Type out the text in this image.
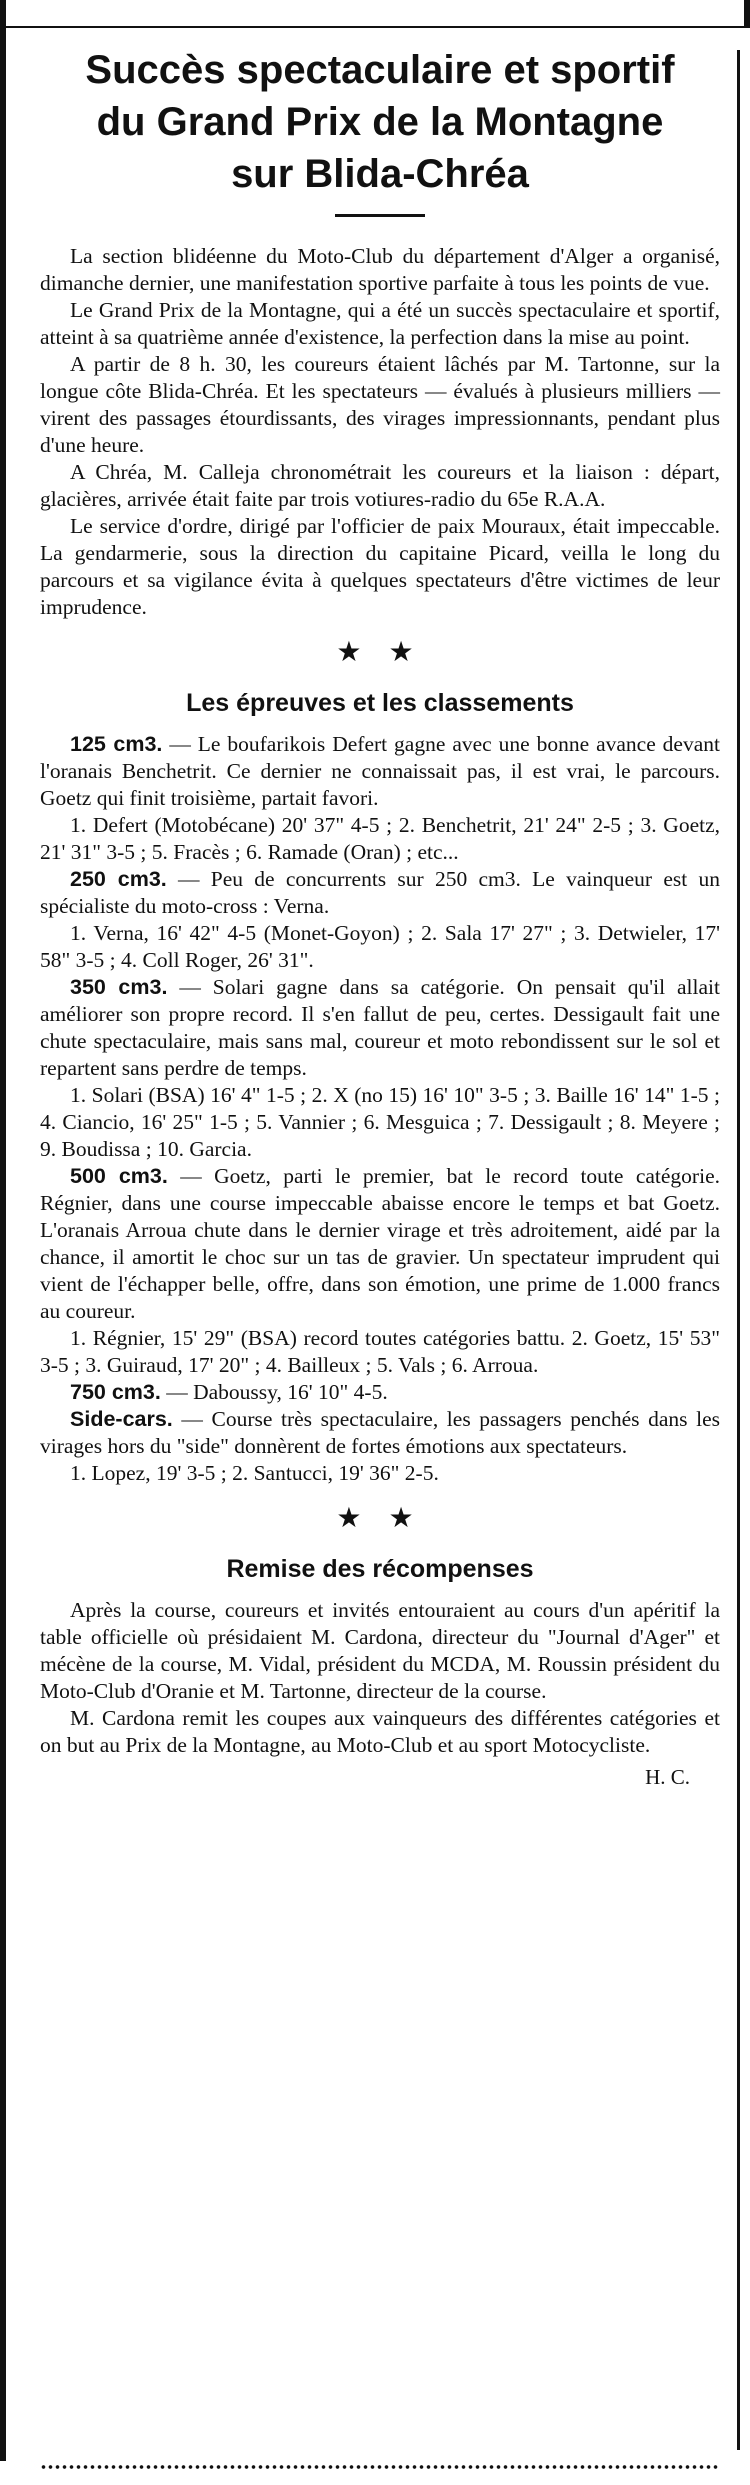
Succès spectaculaire et sportif
du Grand Prix de la Montagne
sur Blida-Chréa

La section blidéenne du Moto-Club du département d'Alger a organisé, dimanche dernier, une manifestation sportive parfaite à tous les points de vue.

Le Grand Prix de la Montagne, qui a été un succès spectaculaire et sportif, atteint à sa quatrième année d'existence, la perfection dans la mise au point.

A partir de 8 h. 30, les coureurs étaient lâchés par M. Tartonne, sur la longue côte Blida-Chréa. Et les spectateurs — évalués à plusieurs milliers — virent des passages étourdissants, des virages impressionnants, pendant plus d'une heure.

A Chréa, M. Calleja chronométrait les coureurs et la liaison : départ, glacières, arrivée était faite par trois votiures-radio du 65e R.A.A.

Le service d'ordre, dirigé par l'officier de paix Mouraux, était impeccable. La gendarmerie, sous la direction du capitaine Picard, veilla le long du parcours et sa vigilance évita à quelques spectateurs d'être victimes de leur imprudence.

★ ★
Les épreuves et les classements

125 cm3. — Le boufarikois Defert gagne avec une bonne avance devant l'oranais Benchetrit. Ce dernier ne connaissait pas, il est vrai, le parcours. Goetz qui finit troisième, partait favori.

1. Defert (Motobécane) 20' 37" 4-5 ; 2. Benchetrit, 21' 24" 2-5 ; 3. Goetz, 21' 31" 3-5 ; 5. Fracès ; 6. Ramade (Oran) ; etc...

250 cm3. — Peu de concurrents sur 250 cm3. Le vainqueur est un spécialiste du moto-cross : Verna.

1. Verna, 16' 42" 4-5 (Monet-Goyon) ; 2. Sala 17' 27" ; 3. Detwieler, 17' 58" 3-5 ; 4. Coll Roger, 26' 31".

350 cm3. — Solari gagne dans sa catégorie. On pensait qu'il allait améliorer son propre record. Il s'en fallut de peu, certes. Dessigault fait une chute spectaculaire, mais sans mal, coureur et moto rebondissent sur le sol et repartent sans perdre de temps.

1. Solari (BSA) 16' 4" 1-5 ; 2. X (no 15) 16' 10" 3-5 ; 3. Baille 16' 14" 1-5 ; 4. Ciancio, 16' 25" 1-5 ; 5. Vannier ; 6. Mesguica ; 7. Dessigault ; 8. Meyere ; 9. Boudissa ; 10. Garcia.

500 cm3. — Goetz, parti le premier, bat le record toute catégorie. Régnier, dans une course impeccable abaisse encore le temps et bat Goetz. L'oranais Arroua chute dans le dernier virage et très adroitement, aidé par la chance, il amortit le choc sur un tas de gravier. Un spectateur imprudent qui vient de l'échapper belle, offre, dans son émotion, une prime de 1.000 francs au coureur.

1. Régnier, 15' 29" (BSA) record toutes catégories battu. 2. Goetz, 15' 53" 3-5 ; 3. Guiraud, 17' 20" ; 4. Bailleux ; 5. Vals ; 6. Arroua.

750 cm3. — Daboussy, 16' 10" 4-5.

Side-cars. — Course très spectaculaire, les passagers penchés dans les virages hors du "side" donnèrent de fortes émotions aux spectateurs.

1. Lopez, 19' 3-5 ; 2. Santucci, 19' 36" 2-5.

★ ★
Remise des récompenses

Après la course, coureurs et invités entouraient au cours d'un apéritif la table officielle où présidaient M. Cardona, directeur du "Journal d'Ager" et mécène de la course, M. Vidal, président du MCDA, M. Roussin président du Moto-Club d'Oranie et M. Tartonne, directeur de la course.

M. Cardona remit les coupes aux vainqueurs des différentes catégories et on but au Prix de la Montagne, au Moto-Club et au sport Motocycliste.

H. C.
